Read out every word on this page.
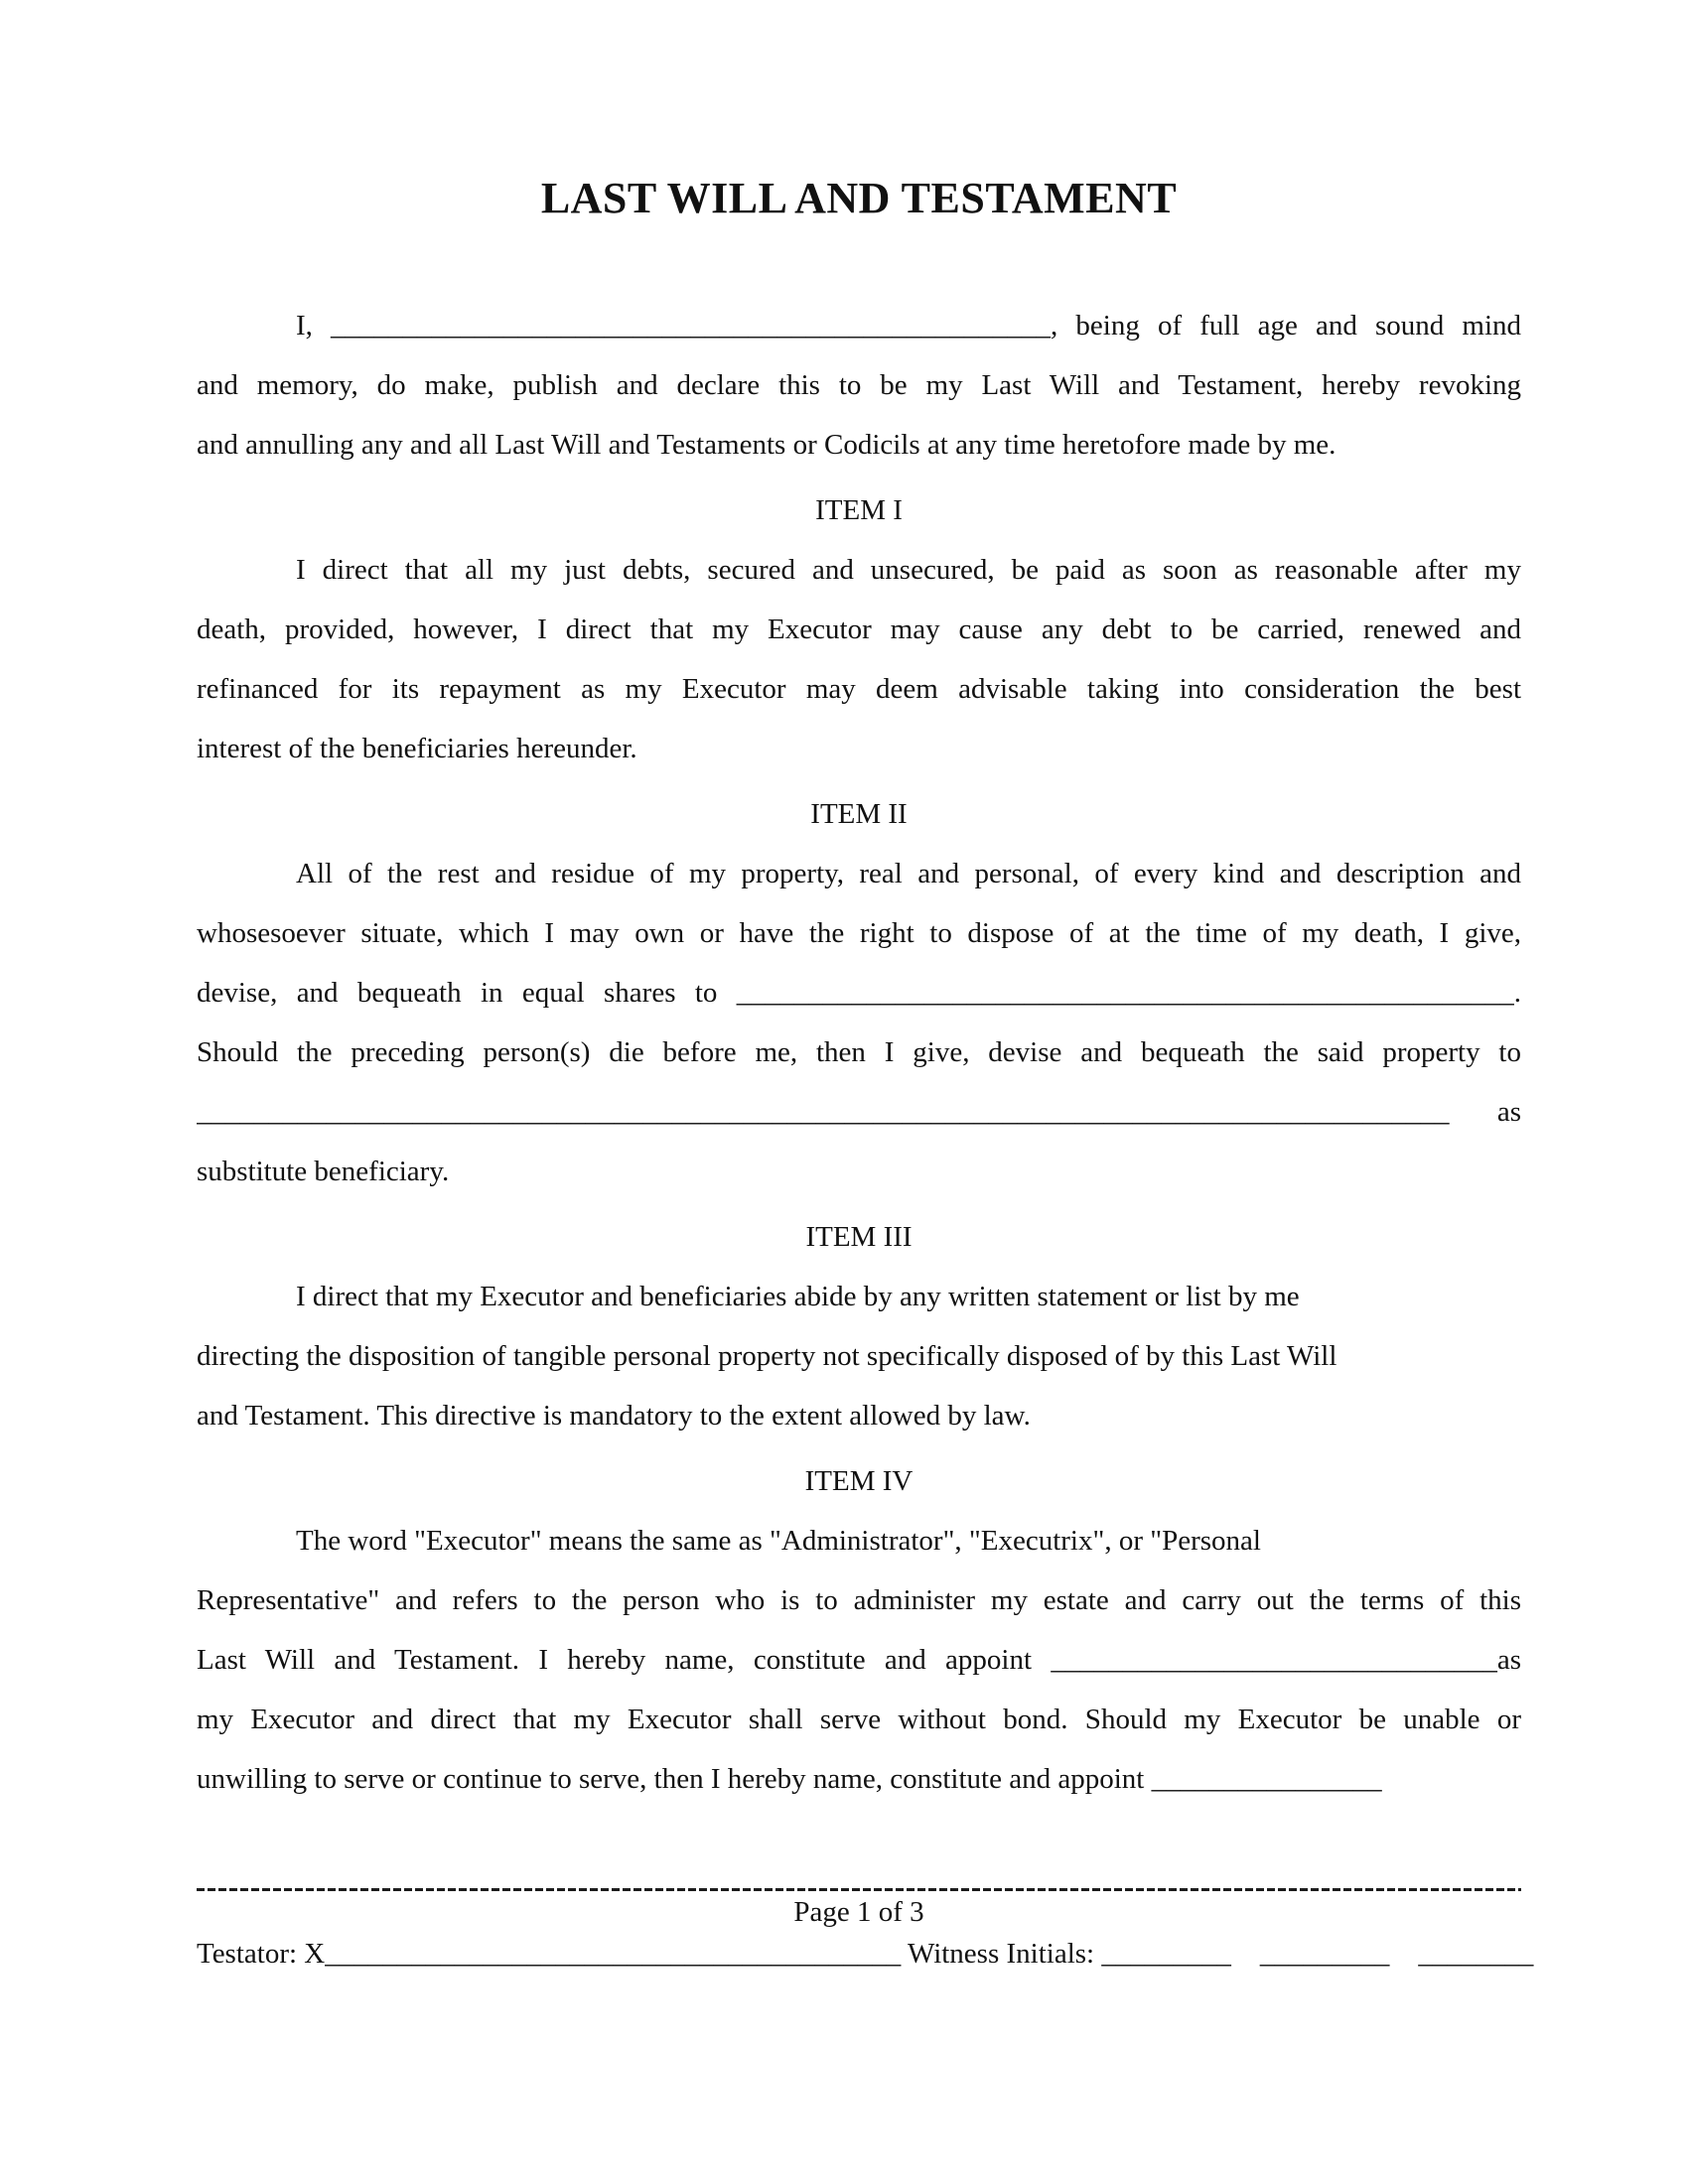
LAST WILL AND TESTAMENT
I, __________________________________________________, being of full age and sound mind
and memory, do make, publish and declare this to be my Last Will and Testament, hereby revoking
and annulling any and all Last Will and Testaments or Codicils at any time heretofore made by me.
ITEM I
I direct that all my just debts, secured and unsecured, be paid as soon as reasonable after my
death, provided, however, I direct that my Executor may cause any debt to be carried, renewed and
refinanced for its repayment as my Executor may deem advisable taking into consideration the best
interest of the beneficiaries hereunder.
ITEM II
All of the rest and residue of my property, real and personal, of every kind and description and
whosesoever situate, which I may own or have the right to dispose of at the time of my death, I give,
devise, and bequeath in equal shares to ______________________________________________________.
Should the preceding person(s) die before me, then I give, devise and bequeath the said property to
_______________________________________________________________________________________ as
substitute beneficiary.
ITEM III
I direct that my Executor and beneficiaries abide by any written statement or list by me
directing the disposition of tangible personal property not specifically disposed of by this Last Will
and Testament. This directive is mandatory to the extent allowed by law.
ITEM IV
The word "Executor" means the same as "Administrator", "Executrix", or "Personal
Representative" and refers to the person who is to administer my estate and carry out the terms of this
Last Will and Testament. I hereby name, constitute and appoint _______________________________as
my Executor and direct that my Executor shall serve without bond. Should my Executor be unable or
unwilling to serve or continue to serve, then I hereby name, constitute and appoint ________________
Page 1 of 3
Testator: X________________________________________ Witness Initials: _________    _________    ________
